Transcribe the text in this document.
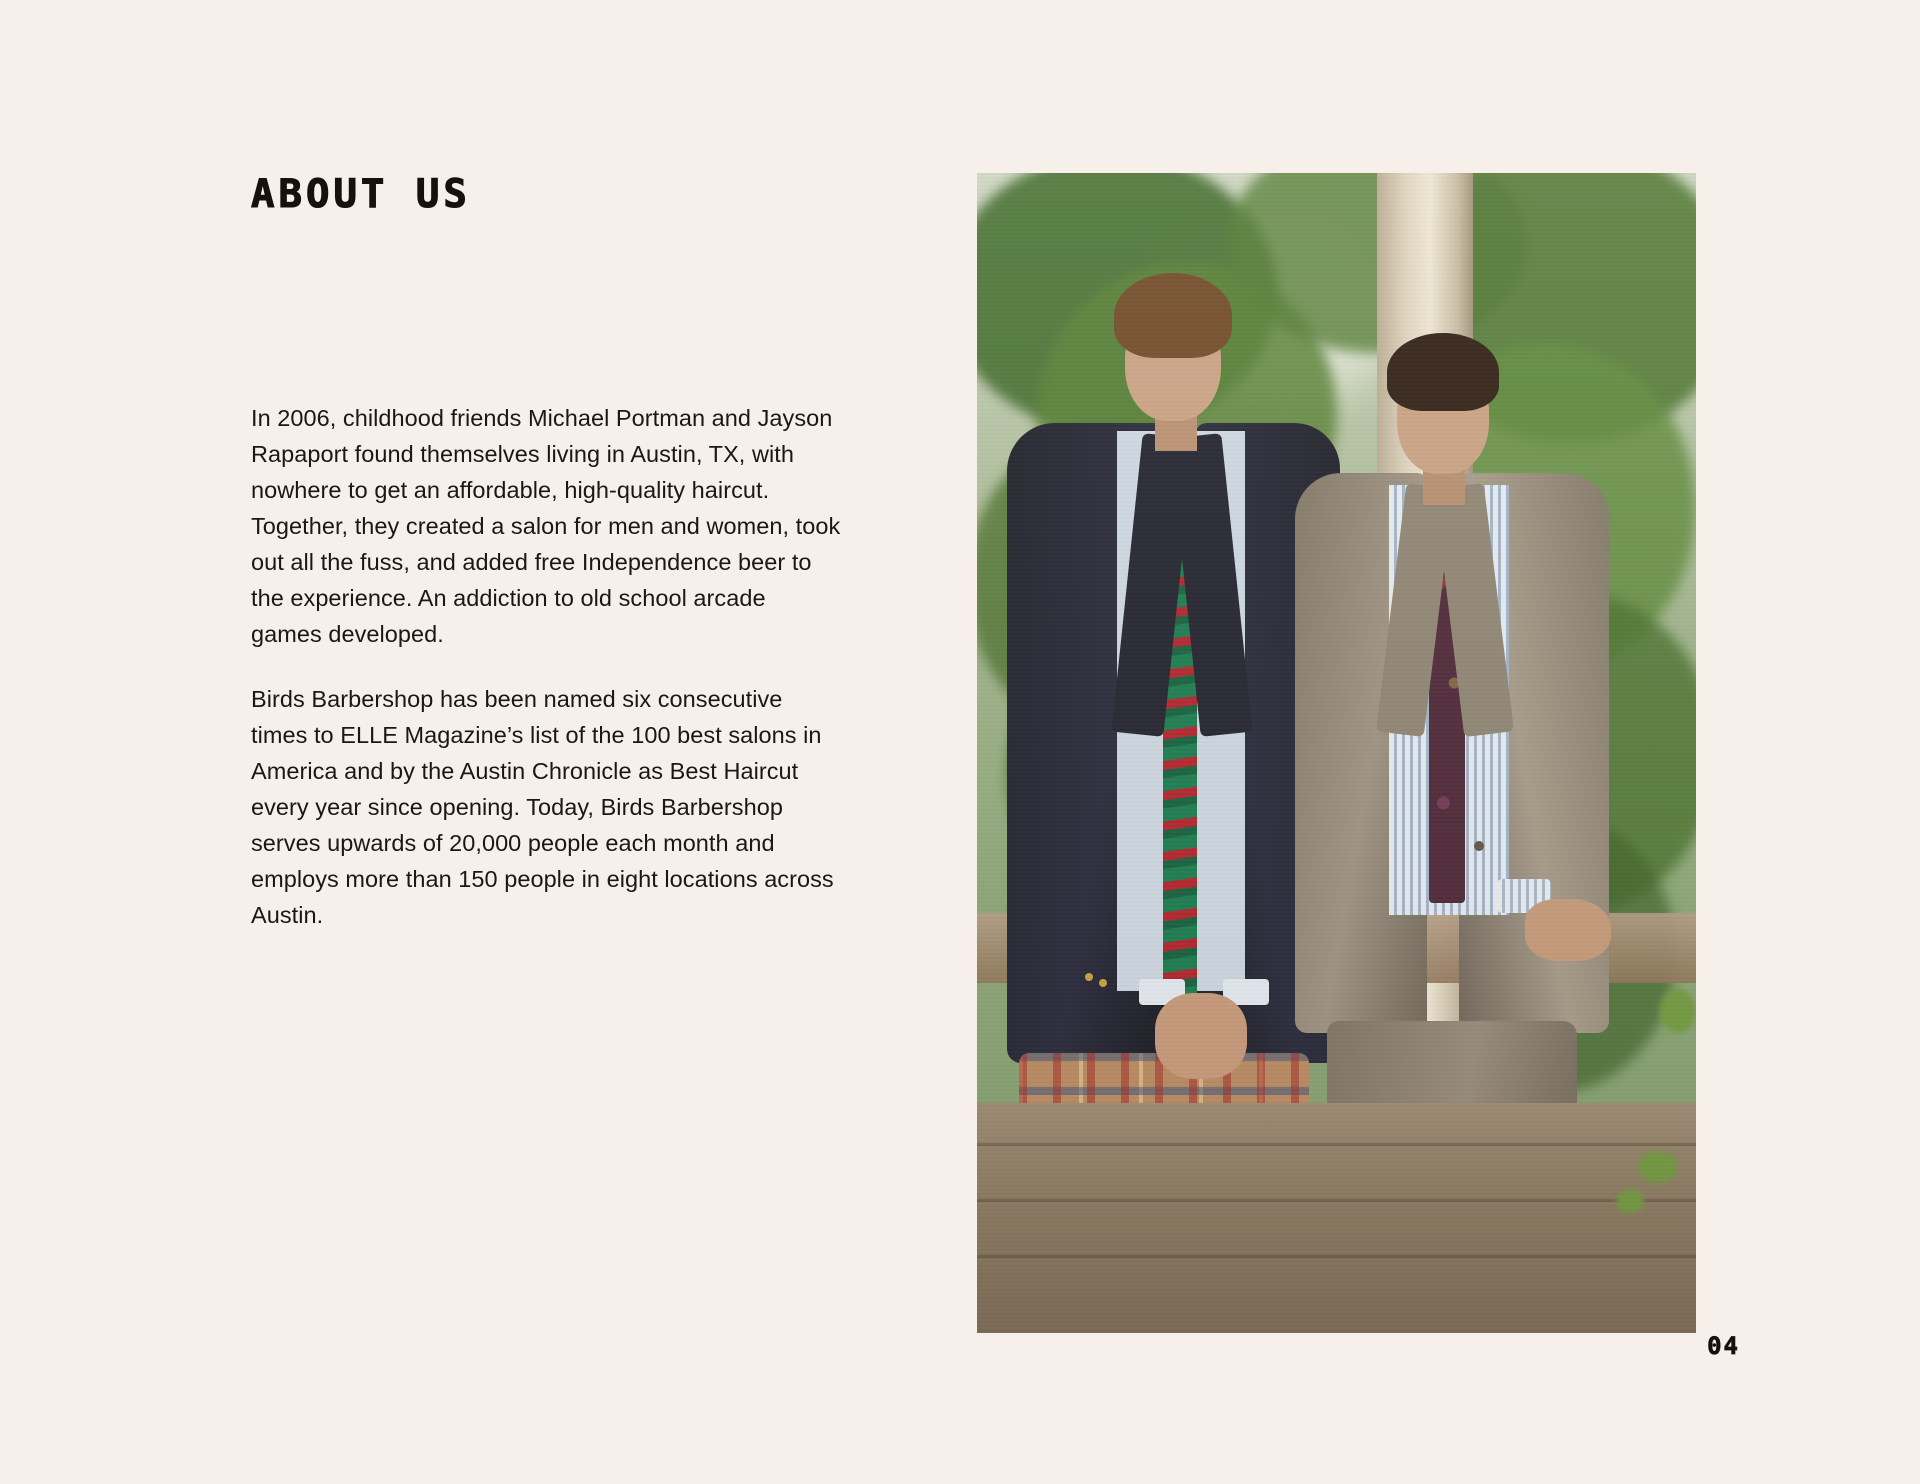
ABOUT US

In 2006, childhood friends Michael Portman and Jayson Rapaport found themselves living in Austin, TX, with nowhere to get an affordable, high-quality haircut. Together, they created a salon for men and women, took out all the fuss, and added free Independence beer to the experience. An addiction to old school arcade games developed.

Birds Barbershop has been named six consecutive times to ELLE Magazine’s list of the 100 best salons in America and by the Austin Chronicle as Best Haircut every year since opening. Today, Birds Barbershop serves upwards of 20,000 people each month and employs more than 150 people in eight locations across Austin.

04
